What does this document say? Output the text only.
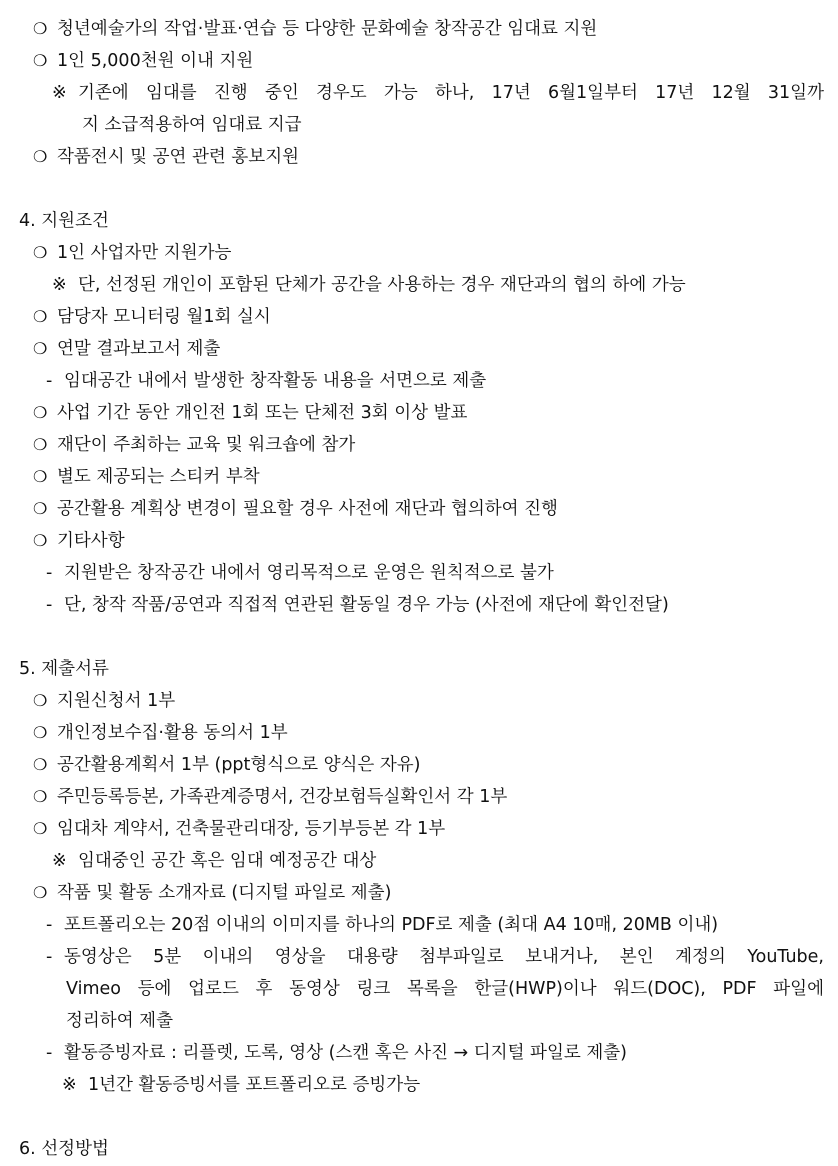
❍ 청년예술가의 작업·발표·연습 등 다양한 문화예술 창작공간 임대료 지원
❍ 1인 5,000천원 이내 지원
※ 기존에 임대를 진행 중인 경우도 가능 하나, 17년 6월1일부터 17년 12월 31일까
지 소급적용하여 임대료 지급
❍ 작품전시 및 공연 관련 홍보지원
4. 지원조건
❍ 1인 사업자만 지원가능
※ 단, 선정된 개인이 포함된 단체가 공간을 사용하는 경우 재단과의 협의 하에 가능
❍ 담당자 모니터링 월1회 실시
❍ 연말 결과보고서 제출
- 임대공간 내에서 발생한 창작활동 내용을 서면으로 제출
❍ 사업 기간 동안 개인전 1회 또는 단체전 3회 이상 발표
❍ 재단이 주최하는 교육 및 워크숍에 참가
❍ 별도 제공되는 스티커 부착
❍ 공간활용 계획상 변경이 필요할 경우 사전에 재단과 협의하여 진행
❍ 기타사항
- 지원받은 창작공간 내에서 영리목적으로 운영은 원칙적으로 불가
- 단, 창작 작품/공연과 직접적 연관된 활동일 경우 가능 (사전에 재단에 확인전달)
5. 제출서류
❍ 지원신청서 1부
❍ 개인정보수집·활용 동의서 1부
❍ 공간활용계획서 1부 (ppt형식으로 양식은 자유)
❍ 주민등록등본, 가족관계증명서, 건강보험득실확인서 각 1부
❍ 임대차 계약서, 건축물관리대장, 등기부등본 각 1부
※ 임대중인 공간 혹은 임대 예정공간 대상
❍ 작품 및 활동 소개자료 (디지털 파일로 제출)
- 포트폴리오는 20점 이내의 이미지를 하나의 PDF로 제출 (최대 A4 10매, 20MB 이내)
- 동영상은 5분 이내의 영상을 대용량 첨부파일로 보내거나, 본인 계정의 YouTube,
Vimeo 등에 업로드 후 동영상 링크 목록을 한글(HWP)이나 워드(DOC), PDF 파일에
정리하여 제출
- 활동증빙자료 : 리플렛, 도록, 영상 (스캔 혹은 사진 → 디지털 파일로 제출)
※ 1년간 활동증빙서를 포트폴리오로 증빙가능
6. 선정방법
